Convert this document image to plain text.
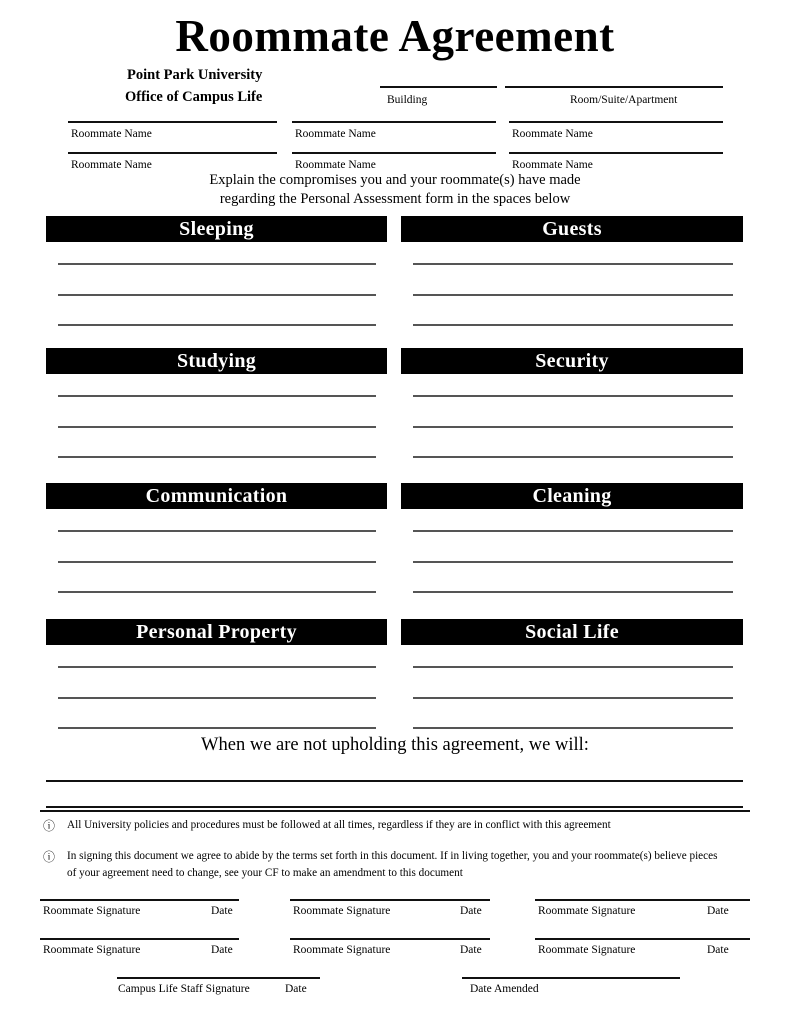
Roommate Agreement
Point Park University
Office of Campus Life	Building	Room/Suite/Apartment
Roommate Name	Roommate Name	Roommate Name
Roommate Name	Roommate Name	Roommate Name
Explain the compromises you and your roommate(s) have made
regarding the Personal Assessment form in the spaces below
Sleeping
Studying
Communication
Personal Property
Guests
Security
Cleaning
Social Life
When we are not upholding this agreement, we will:
ⓘ All University policies and procedures must be followed at all times, regardless if they are in conflict with this agreement
ⓘ In signing this document we agree to abide by the terms set forth in this document. If in living together, you and your roommate(s) believe pieces of your agreement need to change, see your CF to make an amendment to this document
Roommate Signature	Date	Roommate Signature	Date	Roommate Signature	Date
Roommate Signature	Date	Roommate Signature	Date	Roommate Signature	Date
Campus Life Staff Signature	Date	Date Amended
